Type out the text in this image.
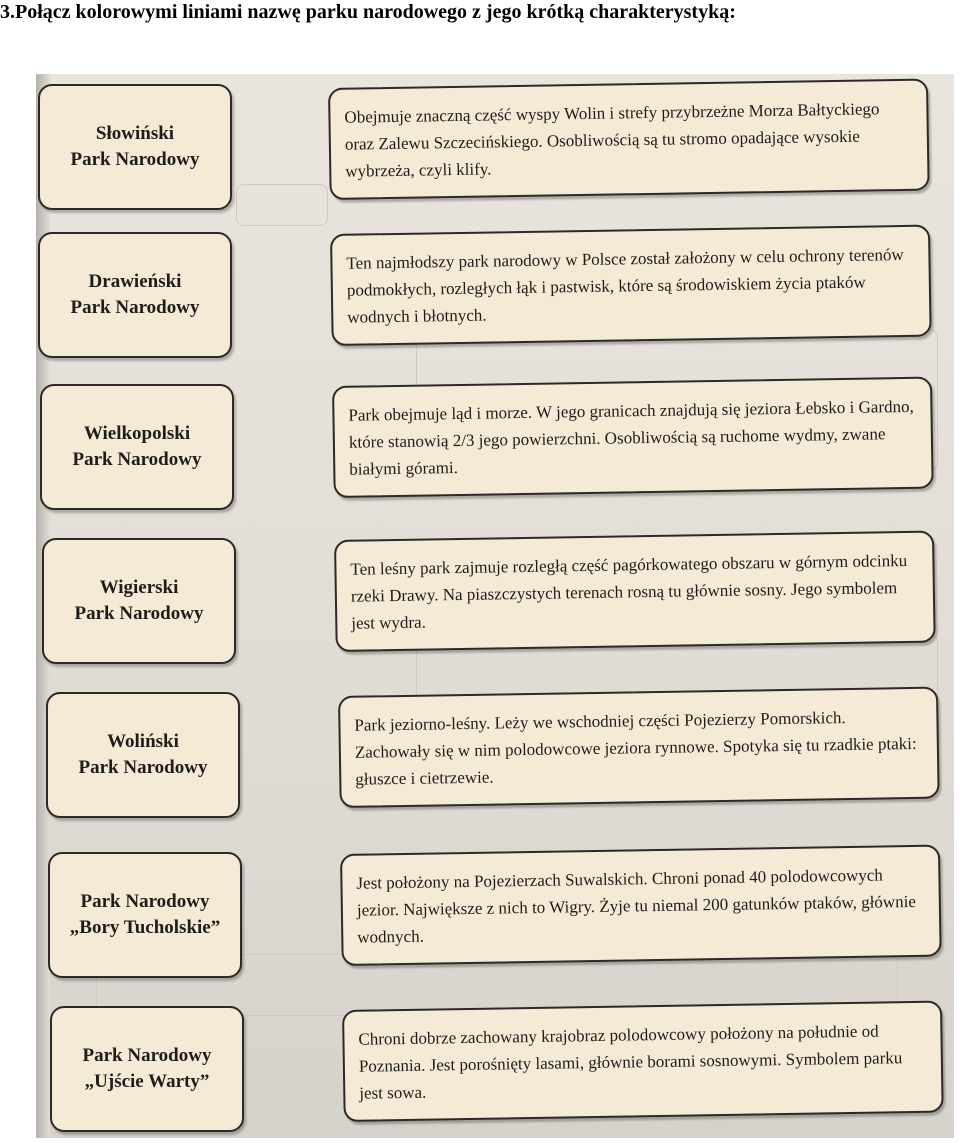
3.Połącz kolorowymi liniami nazwę parku narodowego z jego krótką charakterystyką:
Słowiński
Park Narodowy
Drawieński
Park Narodowy
Wielkopolski
Park Narodowy
Wigierski
Park Narodowy
Woliński
Park Narodowy
Park Narodowy
„Bory Tucholskie”
Park Narodowy
„Ujście Warty”
Obejmuje znaczną część wyspy Wolin i strefy przybrzeżne Morza Bałtyckiego oraz Zalewu Szczecińskiego. Osobliwością są tu stromo opadające wysokie wybrzeża, czyli klify.
Ten najmłodszy park narodowy w Polsce został założony w celu ochrony terenów podmokłych, rozległych łąk i pastwisk, które są środowiskiem życia ptaków wodnych i błotnych.
Park obejmuje ląd i morze. W jego granicach znajdują się jeziora Łebsko i Gardno, które stanowią 2/3 jego powierzchni. Osobliwością są ruchome wydmy, zwane białymi górami.
Ten leśny park zajmuje rozległą część pagórkowatego obszaru w górnym odcinku rzeki Drawy. Na piaszczystych terenach rosną tu głównie sosny. Jego symbolem jest wydra.
Park jeziorno-leśny. Leży we wschodniej części Pojezierzy Pomorskich. Zachowały się w nim polodowcowe jeziora rynnowe. Spotyka się tu rzadkie ptaki: głuszce i cietrzewie.
Jest położony na Pojezierzach Suwalskich. Chroni ponad 40 polodowcowych jezior. Największe z nich to Wigry. Żyje tu niemal 200 gatunków ptaków, głównie wodnych.
Chroni dobrze zachowany krajobraz polodowcowy położony na południe od Poznania. Jest porośnięty lasami, głównie borami sosnowymi. Symbolem parku jest sowa.
